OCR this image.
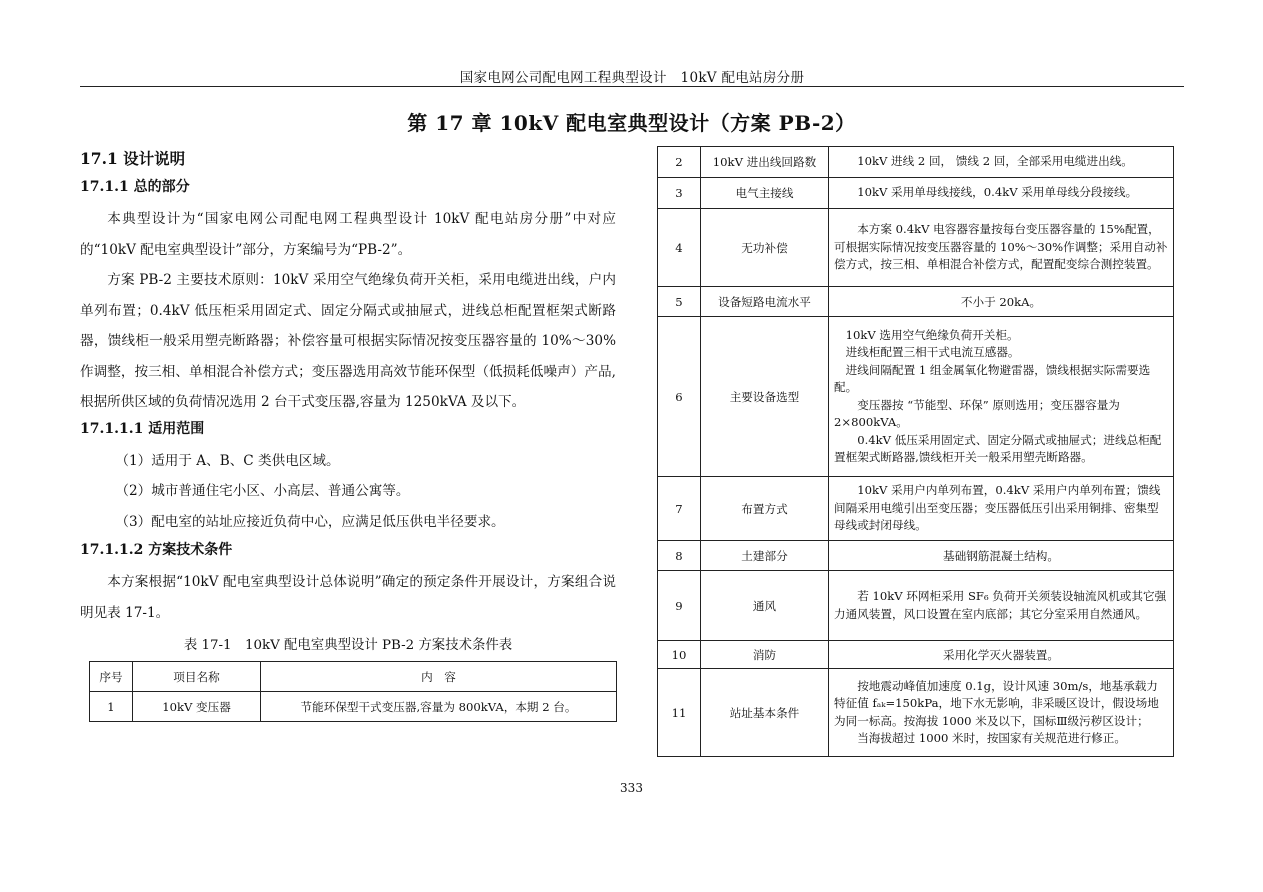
国家电网公司配电网工程典型设计　10kV 配电站房分册
第 17 章 10kV 配电室典型设计（方案 PB-2）
17.1 设计说明
17.1.1 总的部分

本典型设计为“国家电网公司配电网工程典型设计 10kV 配电站房分册”中对应的“10kV 配电室典型设计”部分，方案编号为“PB-2”。

方案 PB-2 主要技术原则：10kV 采用空气绝缘负荷开关柜，采用电缆进出线，户内单列布置；0.4kV 低压柜采用固定式、固定分隔式或抽屉式，进线总柜配置框架式断路器，馈线柜一般采用塑壳断路器；补偿容量可根据实际情况按变压器容量的 10%～30%作调整，按三相、单相混合补偿方式；变压器选用高效节能环保型（低损耗低噪声）产品,根据所供区域的负荷情况选用 2 台干式变压器,容量为 1250kVA 及以下。

17.1.1.1 适用范围

（1）适用于 A、B、C 类供电区域。

（2）城市普通住宅小区、小高层、普通公寓等。

（3）配电室的站址应接近负荷中心，应满足低压供电半径要求。

17.1.1.2 方案技术条件

本方案根据“10kV 配电室典型设计总体说明”确定的预定条件开展设计，方案组合说明见表 17-1。

表 17-1　10kV 配电室典型设计 PB-2 方案技术条件表
序号	项目名称	内　容
1	10kV 变压器	节能环保型干式变压器,容量为 800kVA，本期 2 台。
2	10kV 进出线回路数	10kV 进线 2 回， 馈线 2 回，全部采用电缆进出线。
3	电气主接线	10kV 采用单母线接线，0.4kV 采用单母线分段接线。
4	无功补偿	本方案 0.4kV 电容器容量按每台变压器容量的 15%配置，可根据实际情况按变压器容量的 10%～30%作调整；采用自动补偿方式，按三相、单相混合补偿方式，配置配变综合测控装置。
5	设备短路电流水平	不小于 20kA。
6	主要设备选型	10kV 选用空气绝缘负荷开关柜。

进线柜配置三相干式电流互感器。

进线间隔配置 1 组金属氧化物避雷器，馈线根据实际需要选配。

变压器按 “节能型、环保” 原则选用；变压器容量为 2×800kVA。

0.4kV 低压采用固定式、固定分隔式或抽屉式；进线总柜配置框架式断路器,馈线柜开关一般采用塑壳断路器。

7	布置方式	10kV 采用户内单列布置，0.4kV 采用户内单列布置；馈线间隔采用电缆引出至变压器；变压器低压引出采用铜排、密集型母线或封闭母线。
8	土建部分	基础钢筋混凝土结构。
9	通风	若 10kV 环网柜采用 SF₆ 负荷开关须装设轴流风机或其它强力通风装置，风口设置在室内底部；其它分室采用自然通风。
10	消防	采用化学灭火器装置。
11	站址基本条件	按地震动峰值加速度 0.1g，设计风速 30m/s，地基承载力特征值 fₐₖ=150kPa，地下水无影响，非采暖区设计，假设场地为同一标高。按海拔 1000 米及以下，国标Ⅲ级污秽区设计；

当海拔超过 1000 米时，按国家有关规范进行修正。

333
